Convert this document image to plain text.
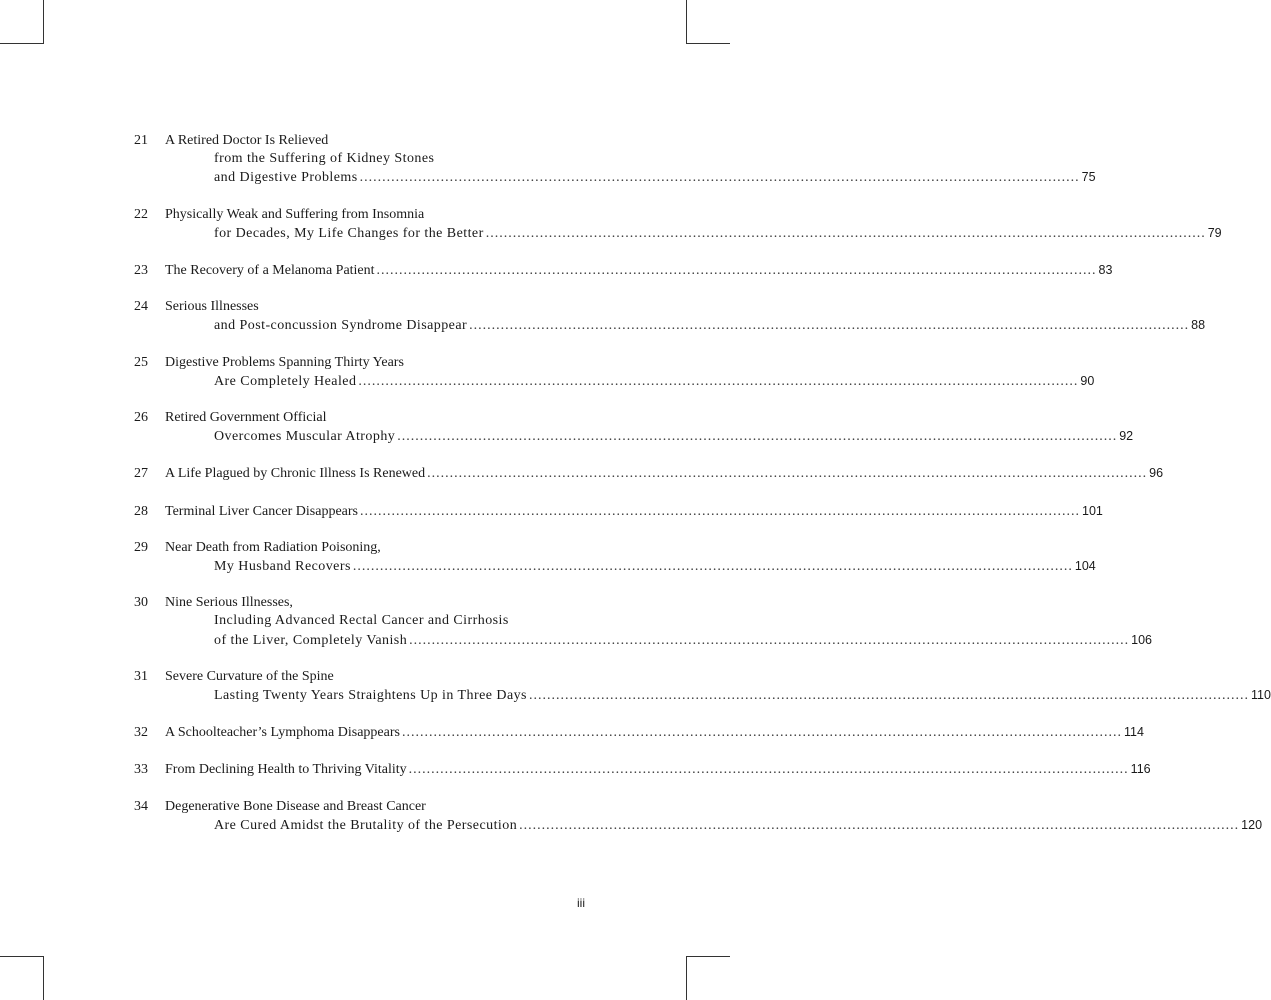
21	A Retired Doctor Is Relieved
from the Suffering of Kidney Stones
and Digestive Problems ................................................................................................................................................................ 75
22	Physically Weak and Suffering from Insomnia
for Decades, My Life Changes for the Better ................................................................................................................................................................ 79
23	The Recovery of a Melanoma Patient ................................................................................................................................................................ 83
24	Serious Illnesses
and Post-concussion Syndrome Disappear ................................................................................................................................................................ 88
25	Digestive Problems Spanning Thirty Years
Are Completely Healed ................................................................................................................................................................ 90
26	Retired Government Official
Overcomes Muscular Atrophy ................................................................................................................................................................ 92
27	A Life Plagued by Chronic Illness Is Renewed ................................................................................................................................................................ 96
28	Terminal Liver Cancer Disappears ................................................................................................................................................................ 101
29	Near Death from Radiation Poisoning,
My Husband Recovers ................................................................................................................................................................ 104
30	Nine Serious Illnesses,
Including Advanced Rectal Cancer and Cirrhosis
of the Liver, Completely Vanish ................................................................................................................................................................ 106
31	Severe Curvature of the Spine
Lasting Twenty Years Straightens Up in Three Days ................................................................................................................................................................ 110
32	A Schoolteacher’s Lymphoma Disappears ................................................................................................................................................................ 114
33	From Declining Health to Thriving Vitality ................................................................................................................................................................ 116
34	Degenerative Bone Disease and Breast Cancer
Are Cured Amidst the Brutality of the Persecution ................................................................................................................................................................ 120
iii
